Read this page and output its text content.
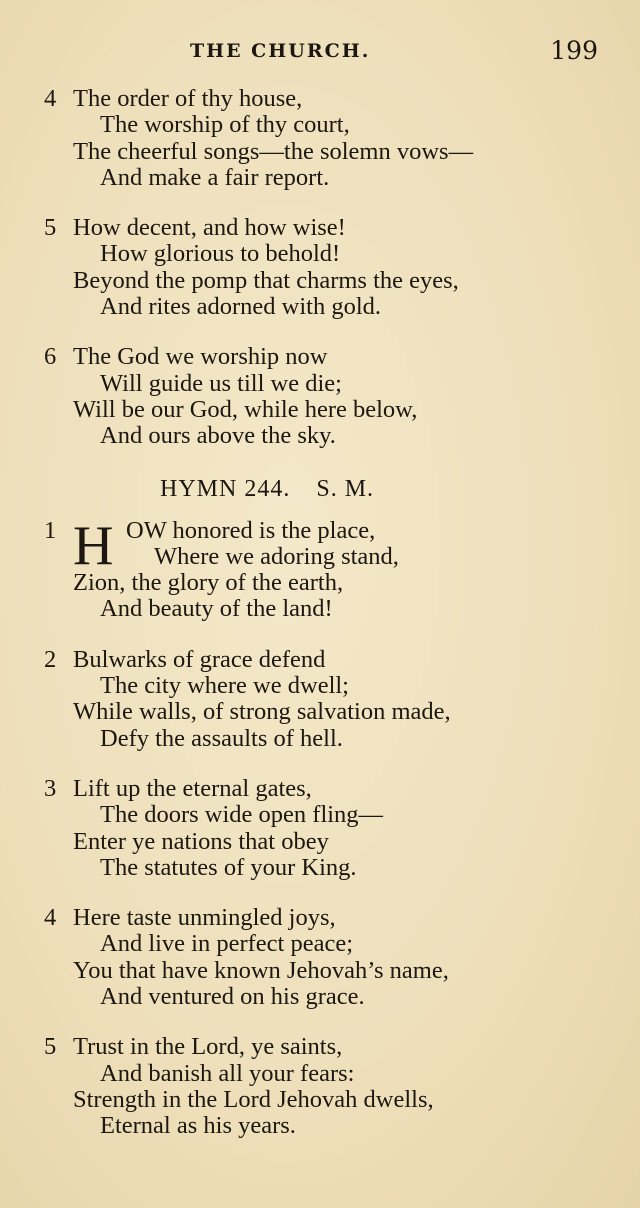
THE CHURCH.	199
4 The order of thy house,
The worship of thy court,
The cheerful songs—the solemn vows—
And make a fair report.
5 How decent, and how wise!
How glorious to behold!
Beyond the pomp that charms the eyes,
And rites adorned with gold.
6 The God we worship now
Will guide us till we die;
Will be our God, while here below,
And ours above the sky.
HYMN 244. S. M.
1 H OW honored is the place,
Where we adoring stand,
Zion, the glory of the earth,
And beauty of the land!
2 Bulwarks of grace defend
The city where we dwell;
While walls, of strong salvation made,
Defy the assaults of hell.
3 Lift up the eternal gates,
The doors wide open fling—
Enter ye nations that obey
The statutes of your King.
4 Here taste unmingled joys,
And live in perfect peace;
You that have known Jehovah’s name,
And ventured on his grace.
5 Trust in the Lord, ye saints,
And banish all your fears:
Strength in the Lord Jehovah dwells,
Eternal as his years.
